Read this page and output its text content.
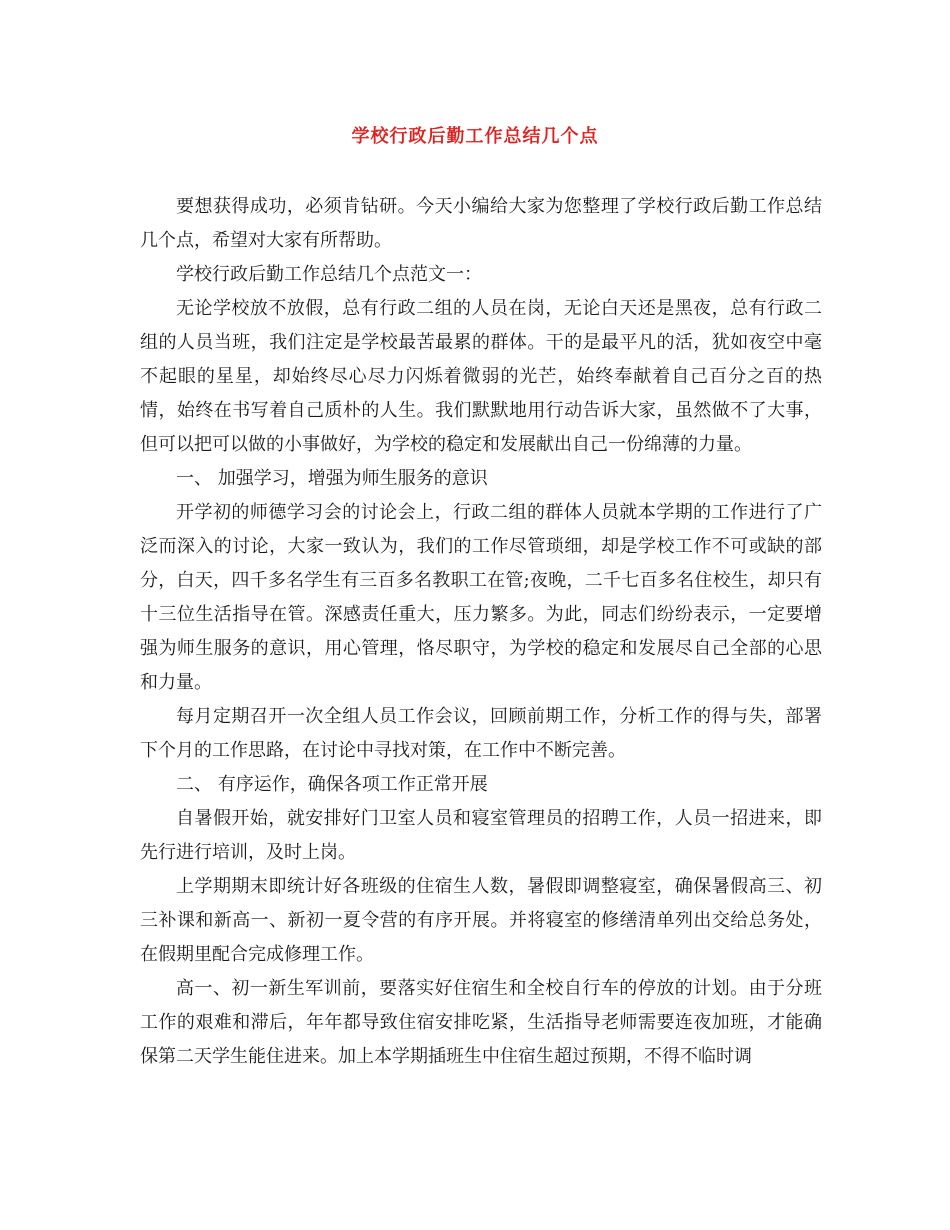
学校行政后勤工作总结几个点

要想获得成功，必须肯钻研。今天小编给大家为您整理了学校行政后勤工作总结几个点，希望对大家有所帮助。

学校行政后勤工作总结几个点范文一：

无论学校放不放假，总有行政二组的人员在岗，无论白天还是黑夜，总有行政二组的人员当班，我们注定是学校最苦最累的群体。干的是最平凡的活，犹如夜空中毫不起眼的星星，却始终尽心尽力闪烁着微弱的光芒，始终奉献着自己百分之百的热情，始终在书写着自己质朴的人生。我们默默地用行动告诉大家，虽然做不了大事，但可以把可以做的小事做好，为学校的稳定和发展献出自己一份绵薄的力量。

一、 加强学习，增强为师生服务的意识

开学初的师德学习会的讨论会上，行政二组的群体人员就本学期的工作进行了广泛而深入的讨论，大家一致认为，我们的工作尽管琐细，却是学校工作不可或缺的部分，白天，四千多名学生有三百多名教职工在管;夜晚，二千七百多名住校生，却只有十三位生活指导在管。深感责任重大，压力繁多。为此，同志们纷纷表示，一定要增强为师生服务的意识，用心管理，恪尽职守，为学校的稳定和发展尽自己全部的心思和力量。

每月定期召开一次全组人员工作会议，回顾前期工作，分析工作的得与失，部署下个月的工作思路，在讨论中寻找对策，在工作中不断完善。

二、 有序运作，确保各项工作正常开展

自暑假开始，就安排好门卫室人员和寝室管理员的招聘工作，人员一招进来，即先行进行培训，及时上岗。

上学期期末即统计好各班级的住宿生人数，暑假即调整寝室，确保暑假高三、初三补课和新高一、新初一夏令营的有序开展。并将寝室的修缮清单列出交给总务处，在假期里配合完成修理工作。

高一、初一新生军训前，要落实好住宿生和全校自行车的停放的计划。由于分班工作的艰难和滞后，年年都导致住宿安排吃紧，生活指导老师需要连夜加班，才能确保第二天学生能住进来。加上本学期插班生中住宿生超过预期，不得不临时调
